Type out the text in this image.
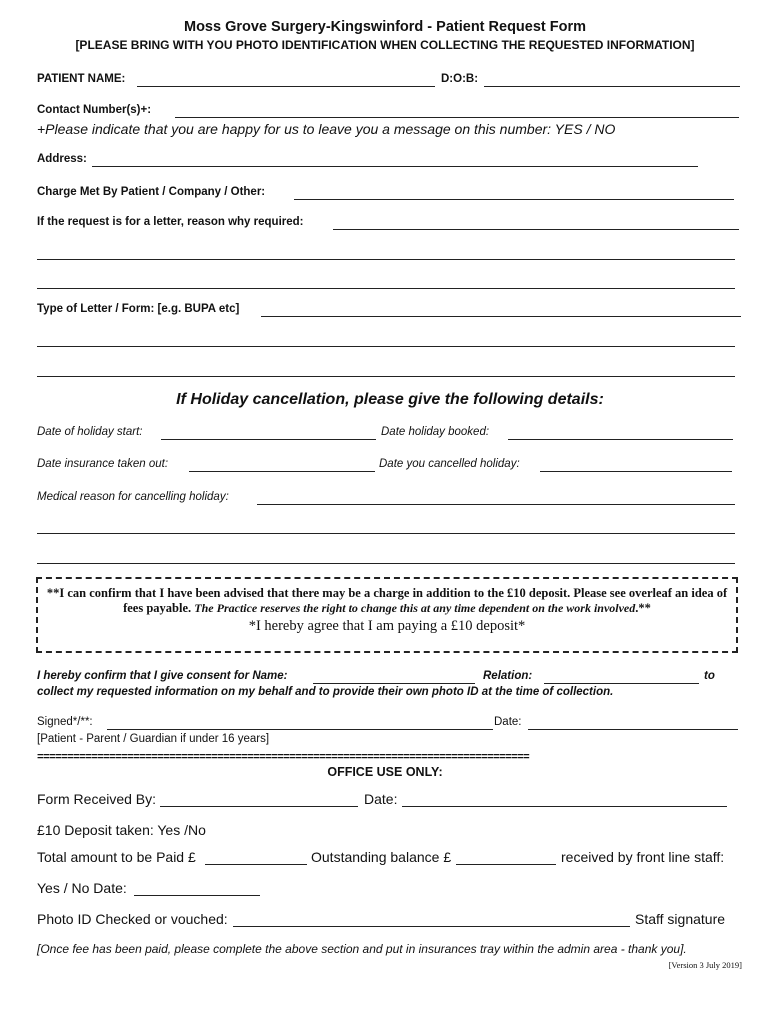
Moss Grove Surgery-Kingswinford - Patient Request Form
[PLEASE BRING WITH YOU PHOTO IDENTIFICATION WHEN COLLECTING THE REQUESTED INFORMATION]
PATIENT NAME:	D:O:B:
Contact Number(s)+:
+Please indicate that you are happy for us to leave you a message on this number: YES / NO
Address:
Charge Met By Patient / Company / Other:
If the request is for a letter, reason why required:
Type of Letter / Form: [e.g. BUPA etc]
If Holiday cancellation, please give the following details:
Date of holiday start:	Date holiday booked:
Date insurance taken out:	Date you cancelled holiday:
Medical reason for cancelling holiday:

**I can confirm that I have been advised that there may be a charge in addition to the £10 deposit. Please see overleaf an idea of fees payable. The Practice reserves the right to change this at any time dependent on the work involved.**

*I hereby agree that I am paying a £10 deposit*

I hereby confirm that I give consent for Name:	Relation:	to
collect my requested information on my behalf and to provide their own photo ID at the time of collection.
Signed*/**:	Date:
[Patient - Parent / Guardian if under 16 years]
==================================================================================
OFFICE USE ONLY:
Form Received By:	Date:
£10 Deposit taken: Yes /No
Total amount to be Paid £	Outstanding balance £	received by front line staff:
Yes / No Date:
Photo ID Checked or vouched:	Staff signature
[Once fee has been paid, please complete the above section and put in insurances tray within the admin area - thank you].
[Version 3 July 2019]
